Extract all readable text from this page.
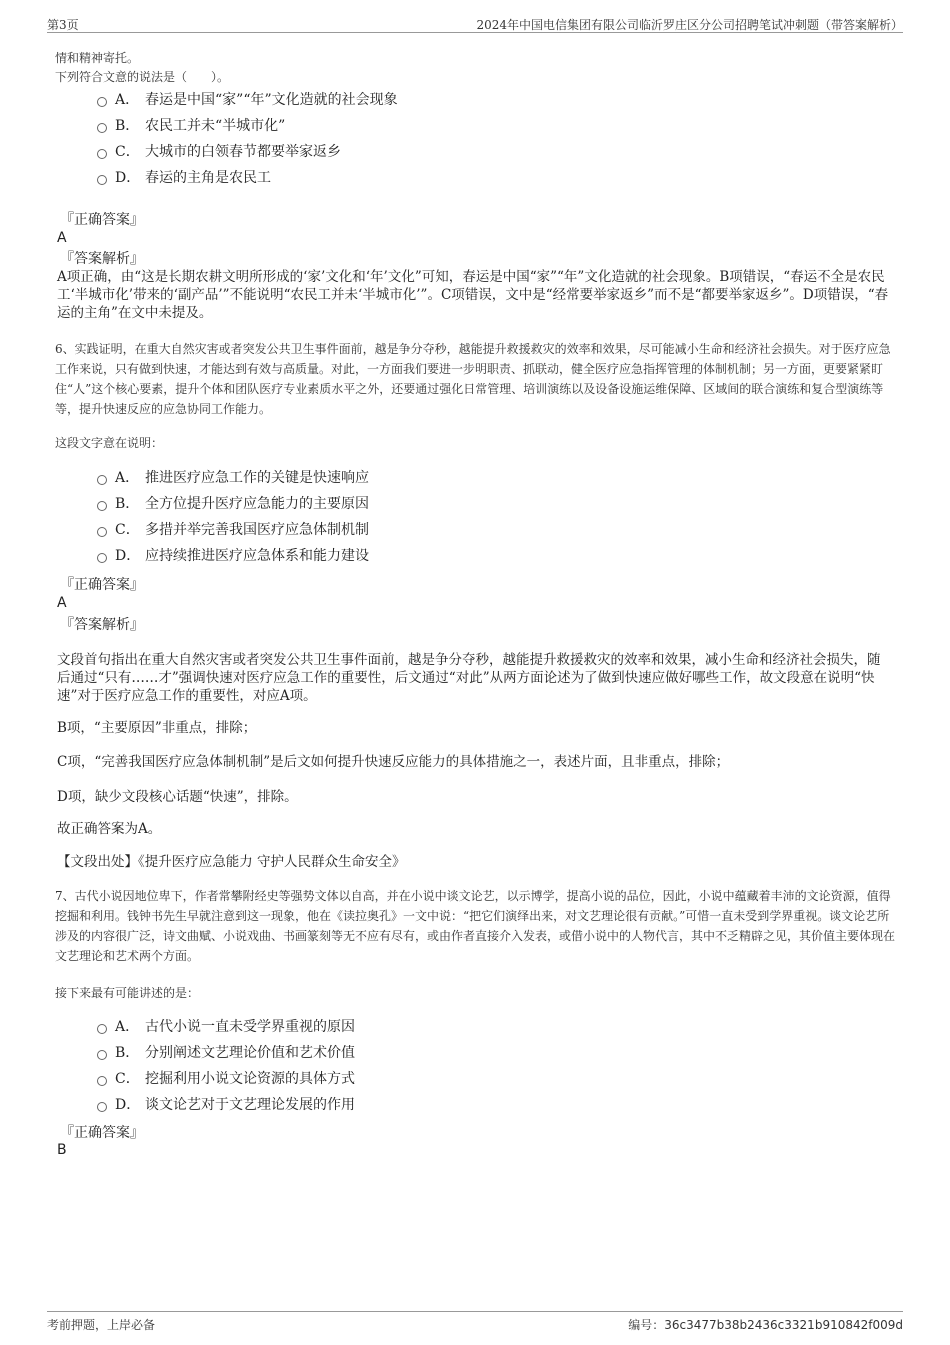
第3页	2024年中国电信集团有限公司临沂罗庄区分公司招聘笔试冲刺题（带答案解析）
情和精神寄托。
下列符合文意的说法是（　　）。
A． 春运是中国“家”“年”文化造就的社会现象
B． 农民工并未“半城市化”
C． 大城市的白领春节都要举家返乡
D． 春运的主角是农民工
『正确答案』
A
『答案解析』
A项正确，由“这是长期农耕文明所形成的‘家’文化和‘年’文化”可知，春运是中国“家”“年”文化造就的社会现象。B项错误，“春运不全是农民工‘半城市化’带来的‘副产品’”不能说明“农民工并未‘半城市化’”。C项错误，文中是“经常要举家返乡”而不是“都要举家返乡”。D项错误，“春运的主角”在文中未提及。
6、实践证明，在重大自然灾害或者突发公共卫生事件面前，越是争分夺秒，越能提升救援救灾的效率和效果，尽可能减小生命和经济社会损失。对于医疗应急工作来说，只有做到快速，才能达到有效与高质量。对此，一方面我们要进一步明职责、抓联动，健全医疗应急指挥管理的体制机制；另一方面，更要紧紧盯住“人”这个核心要素，提升个体和团队医疗专业素质水平之外，还要通过强化日常管理、培训演练以及设备设施运维保障、区域间的联合演练和复合型演练等等，提升快速反应的应急协同工作能力。
这段文字意在说明：
A． 推进医疗应急工作的关键是快速响应
B． 全方位提升医疗应急能力的主要原因
C． 多措并举完善我国医疗应急体制机制
D． 应持续推进医疗应急体系和能力建设
『正确答案』
A
『答案解析』
文段首句指出在重大自然灾害或者突发公共卫生事件面前，越是争分夺秒，越能提升救援救灾的效率和效果，减小生命和经济社会损失，随后通过“只有……才”强调快速对医疗应急工作的重要性，后文通过“对此”从两方面论述为了做到快速应做好哪些工作，故文段意在说明“快速”对于医疗应急工作的重要性，对应A项。
B项，“主要原因”非重点，排除；
C项，“完善我国医疗应急体制机制”是后文如何提升快速反应能力的具体措施之一，表述片面，且非重点，排除；
D项，缺少文段核心话题“快速”，排除。
故正确答案为A。
【文段出处】《提升医疗应急能力 守护人民群众生命安全》
7、古代小说因地位卑下，作者常攀附经史等强势文体以自高，并在小说中谈文论艺，以示博学，提高小说的品位，因此，小说中蕴藏着丰沛的文论资源，值得挖掘和利用。钱钟书先生早就注意到这一现象，他在《读拉奥孔》一文中说：“把它们演绎出来，对文艺理论很有贡献。”可惜一直未受到学界重视。谈文论艺所涉及的内容很广泛，诗文曲赋、小说戏曲、书画篆刻等无不应有尽有，或由作者直接介入发表，或借小说中的人物代言，其中不乏精辟之见，其价值主要体现在文艺理论和艺术两个方面。
接下来最有可能讲述的是：
A． 古代小说一直未受学界重视的原因
B． 分别阐述文艺理论价值和艺术价值
C． 挖掘利用小说文论资源的具体方式
D． 谈文论艺对于文艺理论发展的作用
『正确答案』
B
考前押题，上岸必备	编号：36c3477b38b2436c3321b910842f009d
